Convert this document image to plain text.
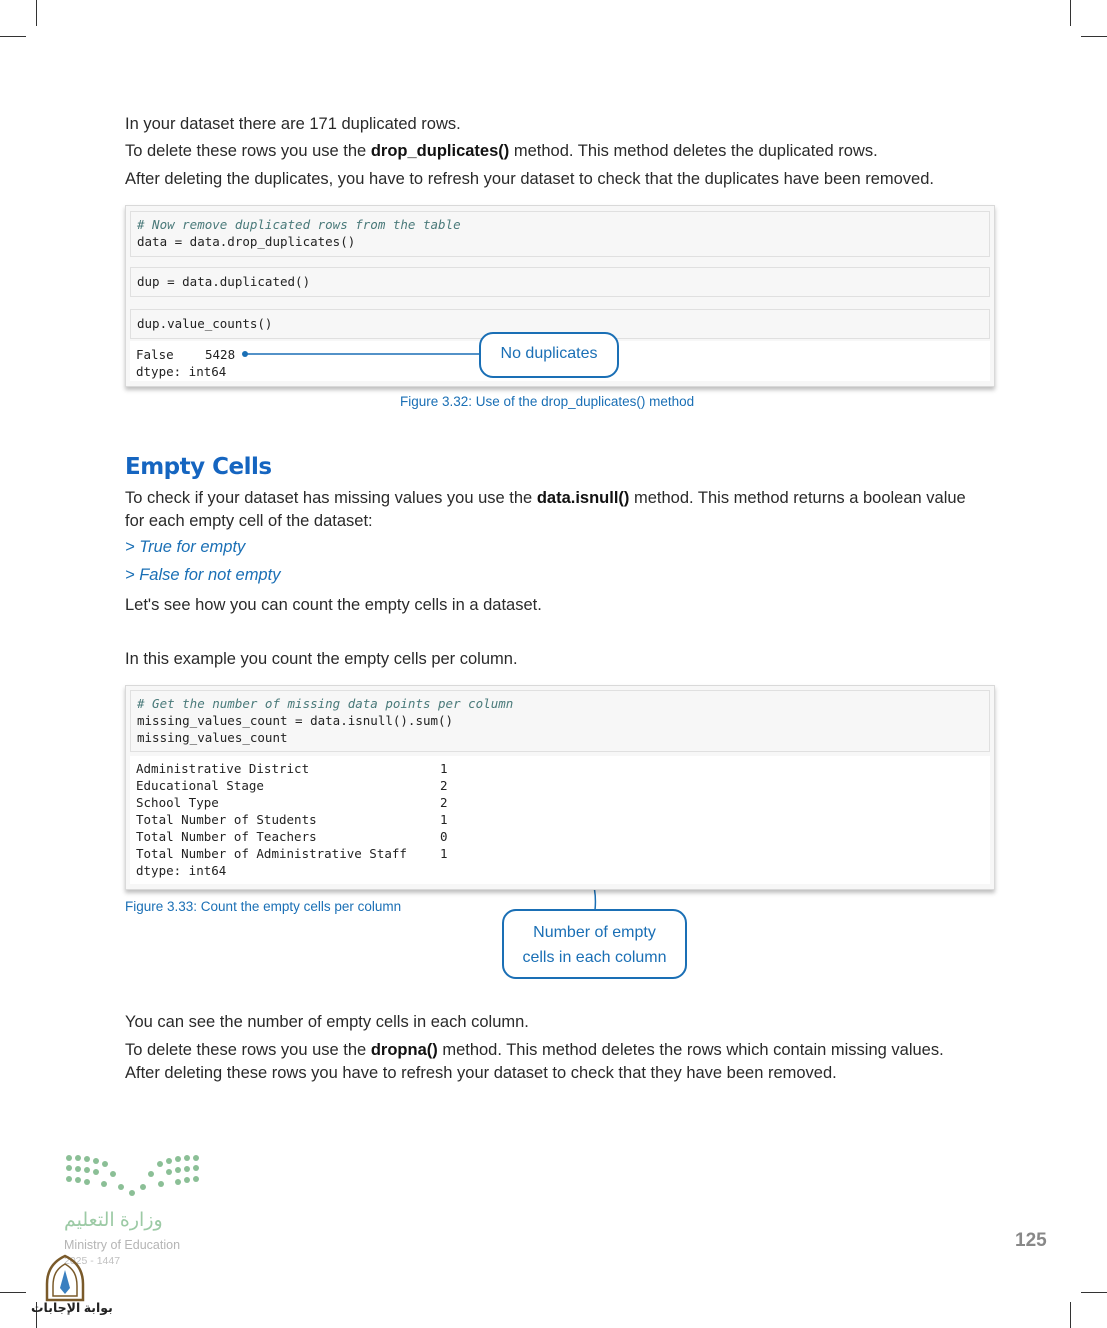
In your dataset there are 171 duplicated rows.
To delete these rows you use the drop_duplicates() method. This method deletes the duplicated rows.
After deleting the duplicates, you have to refresh your dataset to check that the duplicates have been removed.
# Now remove duplicated rows from the table
data = data.drop_duplicates()
dup = data.duplicated()
dup.value_counts()
False	5428
dtype: int64
No duplicates
Figure 3.32: Use of the drop_duplicates() method
Empty Cells
To check if your dataset has missing values you use the data.isnull() method. This method returns a boolean value
for each empty cell of the dataset:
> True for empty
> False for not empty
Let's see how you can count the empty cells in a dataset.
In this example you count the empty cells per column.
# Get the number of missing data points per column
missing_values_count = data.isnull().sum()
missing_values_count
Administrative District	1
Educational Stage	2
School Type	2
Total Number of Students	1
Total Number of Teachers	0
Total Number of Administrative Staff	1
dtype: int64
Figure 3.33: Count the empty cells per column
Number of empty
cells in each column
You can see the number of empty cells in each column.
To delete these rows you use the dropna() method. This method deletes the rows which contain missing values.
After deleting these rows you have to refresh your dataset to check that they have been removed.
وزارة التعليم
Ministry of Education
2025 - 1447
بوابة الإجابات
125
